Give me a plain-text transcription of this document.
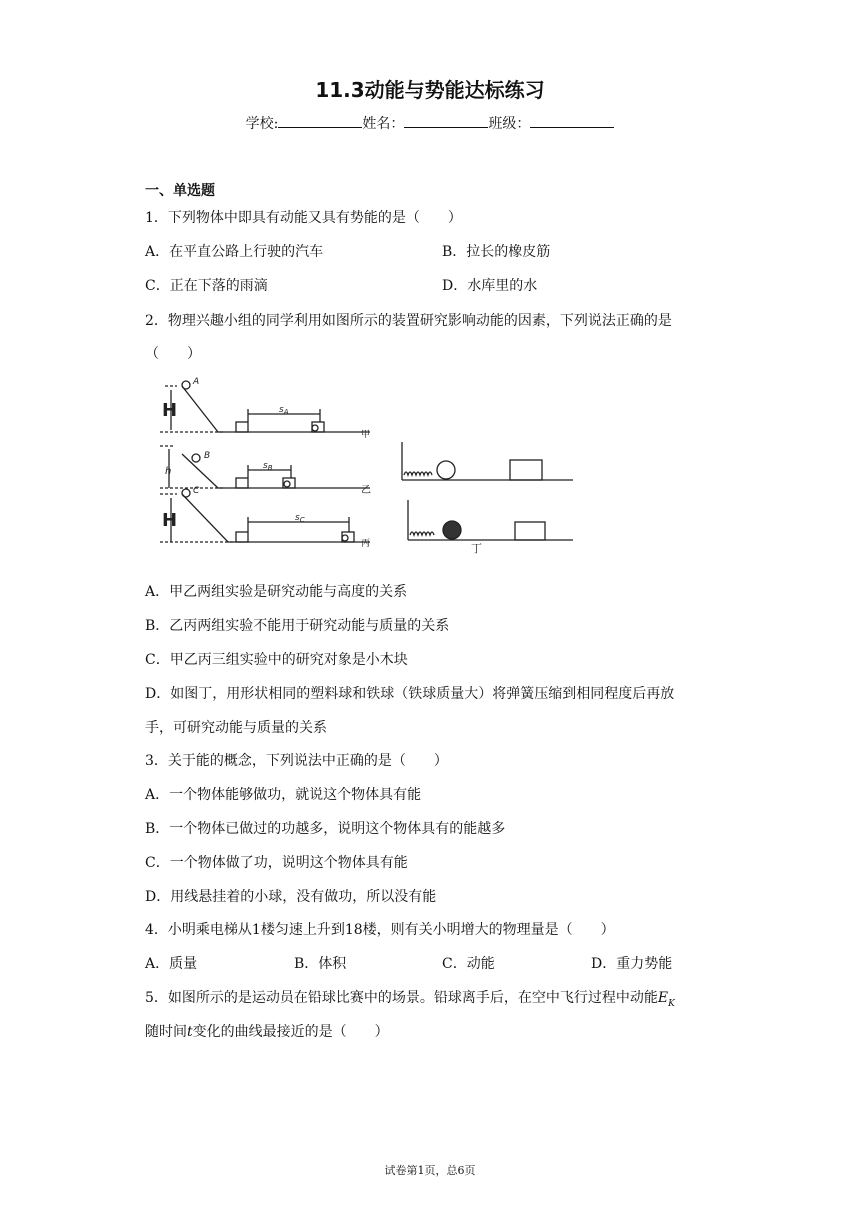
11.3动能与势能达标练习
学校:	姓名：	班级：
一、单选题
1．下列物体中即具有动能又具有势能的是（　　）
A．在平直公路上行驶的汽车	B．拉长的橡皮筋
C．正在下落的雨滴	D．水库里的水
2．物理兴趣小组的同学利用如图所示的装置研究影响动能的因素，下列说法正确的是
（　　）
H
A
$s_A$
甲
h
B
$s_B$
乙
H
C
$s_C$
丙	丁
A．甲乙两组实验是研究动能与高度的关系
B．乙丙两组实验不能用于研究动能与质量的关系
C．甲乙丙三组实验中的研究对象是小木块
D．如图丁，用形状相同的塑料球和铁球（铁球质量大）将弹簧压缩到相同程度后再放
手，可研究动能与质量的关系
3．关于能的概念，下列说法中正确的是（　　）
A．一个物体能够做功，就说这个物体具有能
B．一个物体已做过的功越多，说明这个物体具有的能越多
C．一个物体做了功，说明这个物体具有能
D．用线悬挂着的小球，没有做功，所以没有能
4．小明乘电梯从1楼匀速上升到18楼，则有关小明增大的物理量是（　　）
A．质量	B．体积	C．动能	D．重力势能
5．如图所示的是运动员在铅球比赛中的场景。铅球离手后，在空中飞行过程中动能$E_K$
随时间t变化的曲线最接近的是（　　）
试卷第1页，总6页
